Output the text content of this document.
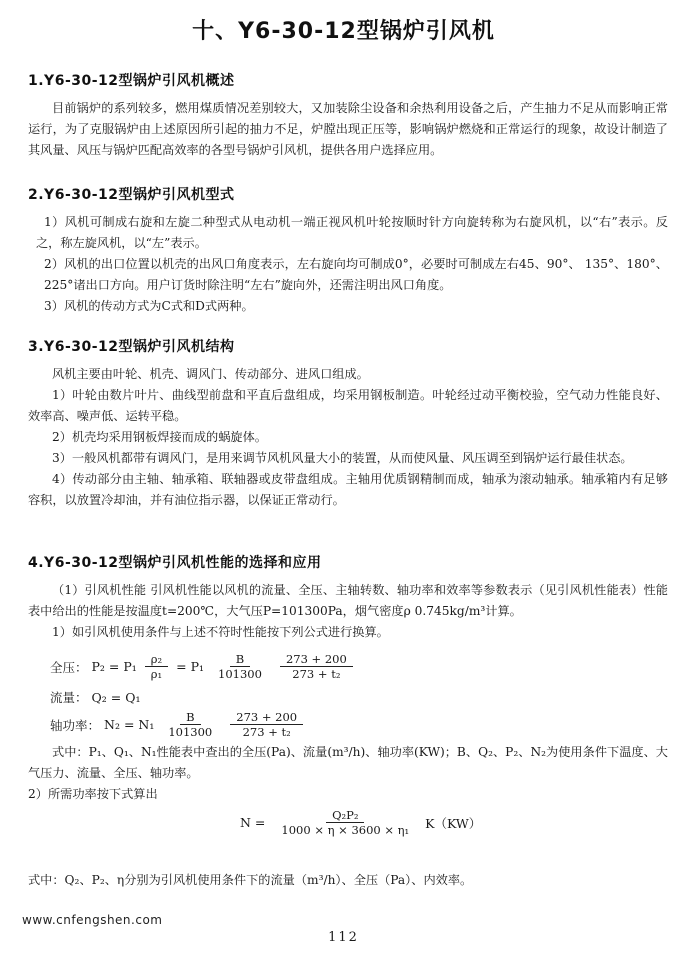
十、Y6-30-12型锅炉引风机
1.Y6-30-12型锅炉引风机概述

目前锅炉的系列较多，燃用煤质情况差别较大，又加装除尘设备和余热利用设备之后，产生抽力不足从而影响正常运行，为了克服锅炉由上述原因所引起的抽力不足，炉膛出现正压等，影响锅炉燃烧和正常运行的现象，故设计制造了其风量、风压与锅炉匹配高效率的各型号锅炉引风机，提供各用户选择应用。

2.Y6-30-12型锅炉引风机型式

1）风机可制成右旋和左旋二种型式从电动机一端正视风机叶轮按顺时针方向旋转称为右旋风机，以“右”表示。反之，称左旋风机，以“左”表示。

2）风机的出口位置以机壳的出风口角度表示，左右旋向均可制成0°，必要时可制成左右45、90°、 135°、180°、225°诸出口方向。用户订货时除注明“左右”旋向外，还需注明出风口角度。

3）风机的传动方式为C式和D式两种。

3.Y6-30-12型锅炉引风机结构

风机主要由叶轮、机壳、调风门、传动部分、进风口组成。

1）叶轮由数片叶片、曲线型前盘和平直后盘组成，均采用钢板制造。叶轮经过动平衡校验，空气动力性能良好、效率高、噪声低、运转平稳。

2）机壳均采用钢板焊接而成的蜗旋体。

3）一般风机都带有调风门，是用来调节风机风量大小的装置，从而使风量、风压调至到锅炉运行最佳状态。

4）传动部分由主轴、轴承箱、联轴器或皮带盘组成。主轴用优质钢精制而成，轴承为滚动轴承。轴承箱内有足够容积，以放置冷却油，并有油位指示器，以保证正常动行。

4.Y6-30-12型锅炉引风机性能的选择和应用

（1）引风机性能 引风机性能以风机的流量、全压、主轴转数、轴功率和效率等参数表示（见引风机性能表）性能表中给出的性能是按温度t=200℃，大气压P=101300Pa，烟气密度ρ 0.745kg/m³计算。

1）如引风机使用条件与上述不符时性能按下列公式进行换算。

全压： $P_2 = P_1 \frac{\text{ρ₂}}{\text{ρ₁}} = P_1 \frac{B}{101300} \frac{273 + 200}{\text{273 + t₂}}$
流量： Q₂ = Q₁
轴功率： $N_2 = N_1 \frac{B}{101300} \frac{273 + 200}{\text{273 + t₂}}$

式中：P₁、Q₁、N₁性能表中查出的全压(Pa)、流量(m³/h)、轴功率(KW)；B、Q₂、P₂、N₂为使用条件下温度、大气压力、流量、全压、轴功率。

2）所需功率按下式算出

$N = \frac{\text{Q₂P₂}}{\text{1000 × η × 3600 × η₁}} K(KW)$

式中：Q₂、P₂、η分别为引风机使用条件下的流量（m³/h）、全压（Pa）、内效率。

www.cnfengshen.com
112
